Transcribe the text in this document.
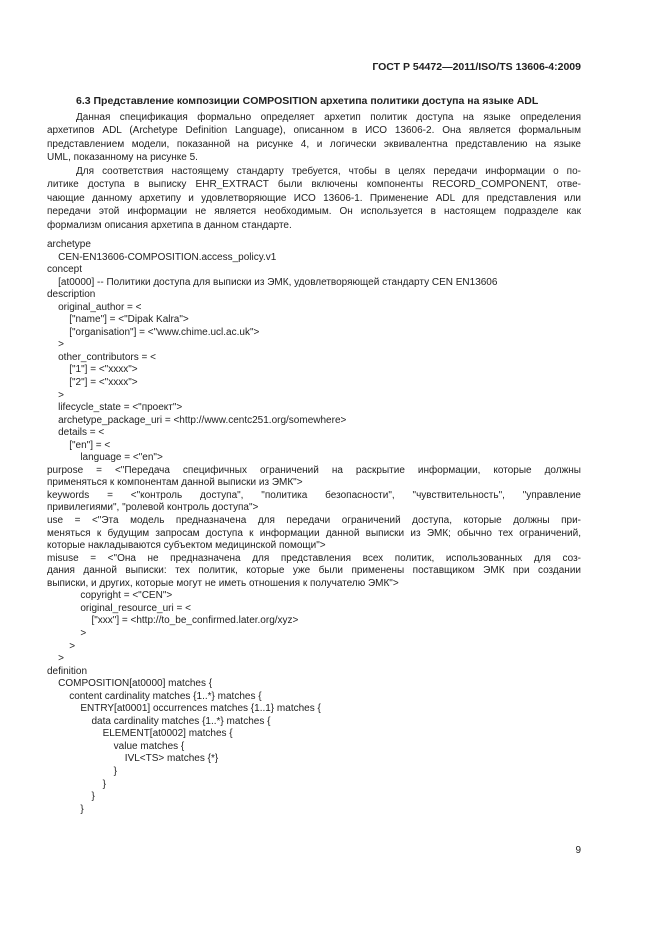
ГОСТ Р 54472—2011/ISO/TS 13606-4:2009
6.3 Представление композиции COMPOSITION архетипа политики доступа на языке ADL
Данная спецификация формально определяет архетип политик доступа на языке определения
архетипов ADL (Archetype Definition Language), описанном в ИСО 13606-2. Она является формальным
представлением модели, показанной на рисунке 4, и логически эквивалентна представлению на языке
UML, показанному на рисунке 5.
Для соответствия настоящему стандарту требуется, чтобы в целях передачи информации о по-
литике доступа в выписку EHR_EXTRACT были включены компоненты RECORD_COMPONENT, отве-
чающие данному архетипу и удовлетворяющие ИСО 13606-1. Применение ADL для представления или
передачи этой информации не является необходимым. Он используется в настоящем подразделе как
формализм описания архетипа в данном стандарте.
archetype
CEN-EN13606-COMPOSITION.access_policy.v1
concept
[at0000] -- Политики доступа для выписки из ЭМК, удовлетворяющей стандарту CEN EN13606
description
original_author = <
["name"] = <"Dipak Kalra">
["organisation"] = <"www.chime.ucl.ac.uk">
>
other_contributors = <
["1"] = <"xxxx">
["2"] = <"xxxx">
>
lifecycle_state = <"проект">
archetype_package_uri = <http://www.centc251.org/somewhere>
details = <
["en"] = <
language = <"en">
purpose = <"Передача специфичных ограничений на раскрытие информации, которые должны
применяться к компонентам данной выписки из ЭМК">
keywords = <"контроль доступа", "политика безопасности", "чувствительность", "управление
привилегиями", "ролевой контроль доступа">
use = <"Эта модель предназначена для передачи ограничений доступа, которые должны при-
меняться к будущим запросам доступа к информации данной выписки из ЭМК; обычно тех ограничений,
которые накладываются субъектом медицинской помощи">
misuse = <"Она не предназначена для представления всех политик, использованных для соз-
дания данной выписки: тех политик, которые уже были применены поставщиком ЭМК при создании
выписки, и других, которые могут не иметь отношения к получателю ЭМК">
copyright = <"CEN">
original_resource_uri = <
["xxx"] = <http://to_be_confirmed.later.org/xyz>
>
>
>
definition
COMPOSITION[at0000] matches {
content cardinality matches {1..*} matches {
ENTRY[at0001] occurrences matches {1..1} matches {
data cardinality matches {1..*} matches {
ELEMENT[at0002] matches {
value matches {
IVL<TS> matches {*}
}
}
}
}
9
